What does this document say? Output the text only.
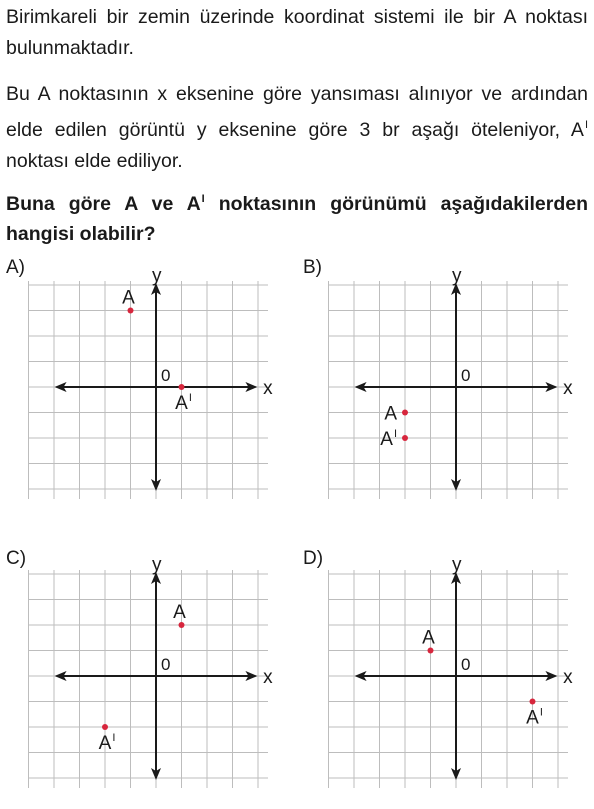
Birimkareli bir zemin üzerinde koordinat sistemi ile bir A noktası bulunmaktadır.
Bu A noktasının x eksenine göre yansıması alınıyor ve ardından elde edilen görüntü y eksenine göre 3 br aşağı öteleniyor, $A^I$ noktası elde ediliyor.
Buna göre A ve $A^I$ noktasının görünümü aşağıdakilerden hangisi olabilir?
A)	B)
C)	D)
x
y
0
A
$A^I$	x
y
0
A
$A^I$
x
y
0
A
$A^I$
x
y
0
A
$A^I$
